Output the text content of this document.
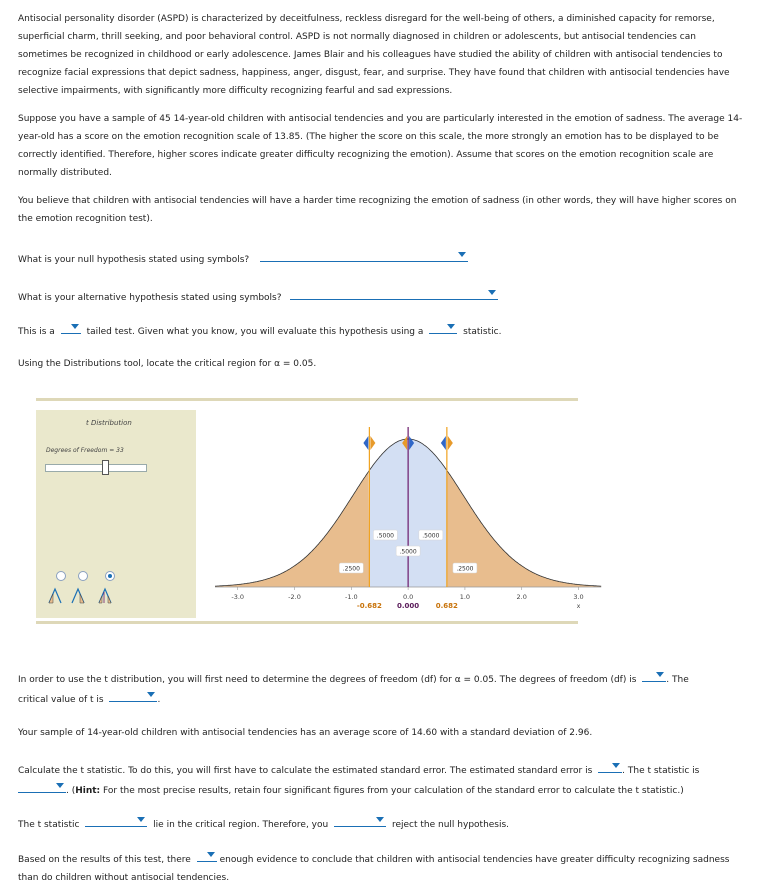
Antisocial personality disorder (ASPD) is characterized by deceitfulness, reckless disregard for the well-being of others, a diminished capacity for remorse, superficial charm, thrill seeking, and poor behavioral control. ASPD is not normally diagnosed in children or adolescents, but antisocial tendencies can sometimes be recognized in childhood or early adolescence. James Blair and his colleagues have studied the ability of children with antisocial tendencies to recognize facial expressions that depict sadness, happiness, anger, disgust, fear, and surprise. They have found that children with antisocial tendencies have selective impairments, with significantly more difficulty recognizing fearful and sad expressions.

Suppose you have a sample of 45 14-year-old children with antisocial tendencies and you are particularly interested in the emotion of sadness. The average 14-year-old has a score on the emotion recognition scale of 13.85. (The higher the score on this scale, the more strongly an emotion has to be displayed to be correctly identified. Therefore, higher scores indicate greater difficulty recognizing the emotion). Assume that scores on the emotion recognition scale are normally distributed.

You believe that children with antisocial tendencies will have a harder time recognizing the emotion of sadness (in other words, they will have higher scores on the emotion recognition test).

What is your null hypothesis stated using symbols?
What is your alternative hypothesis stated using symbols?
This is a	tailed test. Given what you know, you will evaluate this hypothesis using a	statistic.
Using the Distributions tool, locate the critical region for α = 0.05.
t Distribution
Degrees of Freedom = 33
.5000	.5000
.5000
.2500	.2500
-3.0	-2.0	-1.0	0.0	1.0	2.0	3.0
-0.682 0.000 0.682	x
In order to use the t distribution, you will first need to determine the degrees of freedom (df) for α = 0.05. The degrees of freedom (df) is	. The
critical value of t is	.
Your sample of 14-year-old children with antisocial tendencies has an average score of 14.60 with a standard deviation of 2.96.
Calculate the t statistic. To do this, you will first have to calculate the estimated standard error. The estimated standard error is	. The t statistic is

. (Hint: For the most precise results, retain four significant figures from your calculation of the standard error to calculate the t statistic.)
The t statistic	lie in the critical region. Therefore, you	reject the null hypothesis.
Based on the results of this test, there	enough evidence to conclude that children with antisocial tendencies have greater difficulty recognizing sadness than do children without antisocial tendencies.
